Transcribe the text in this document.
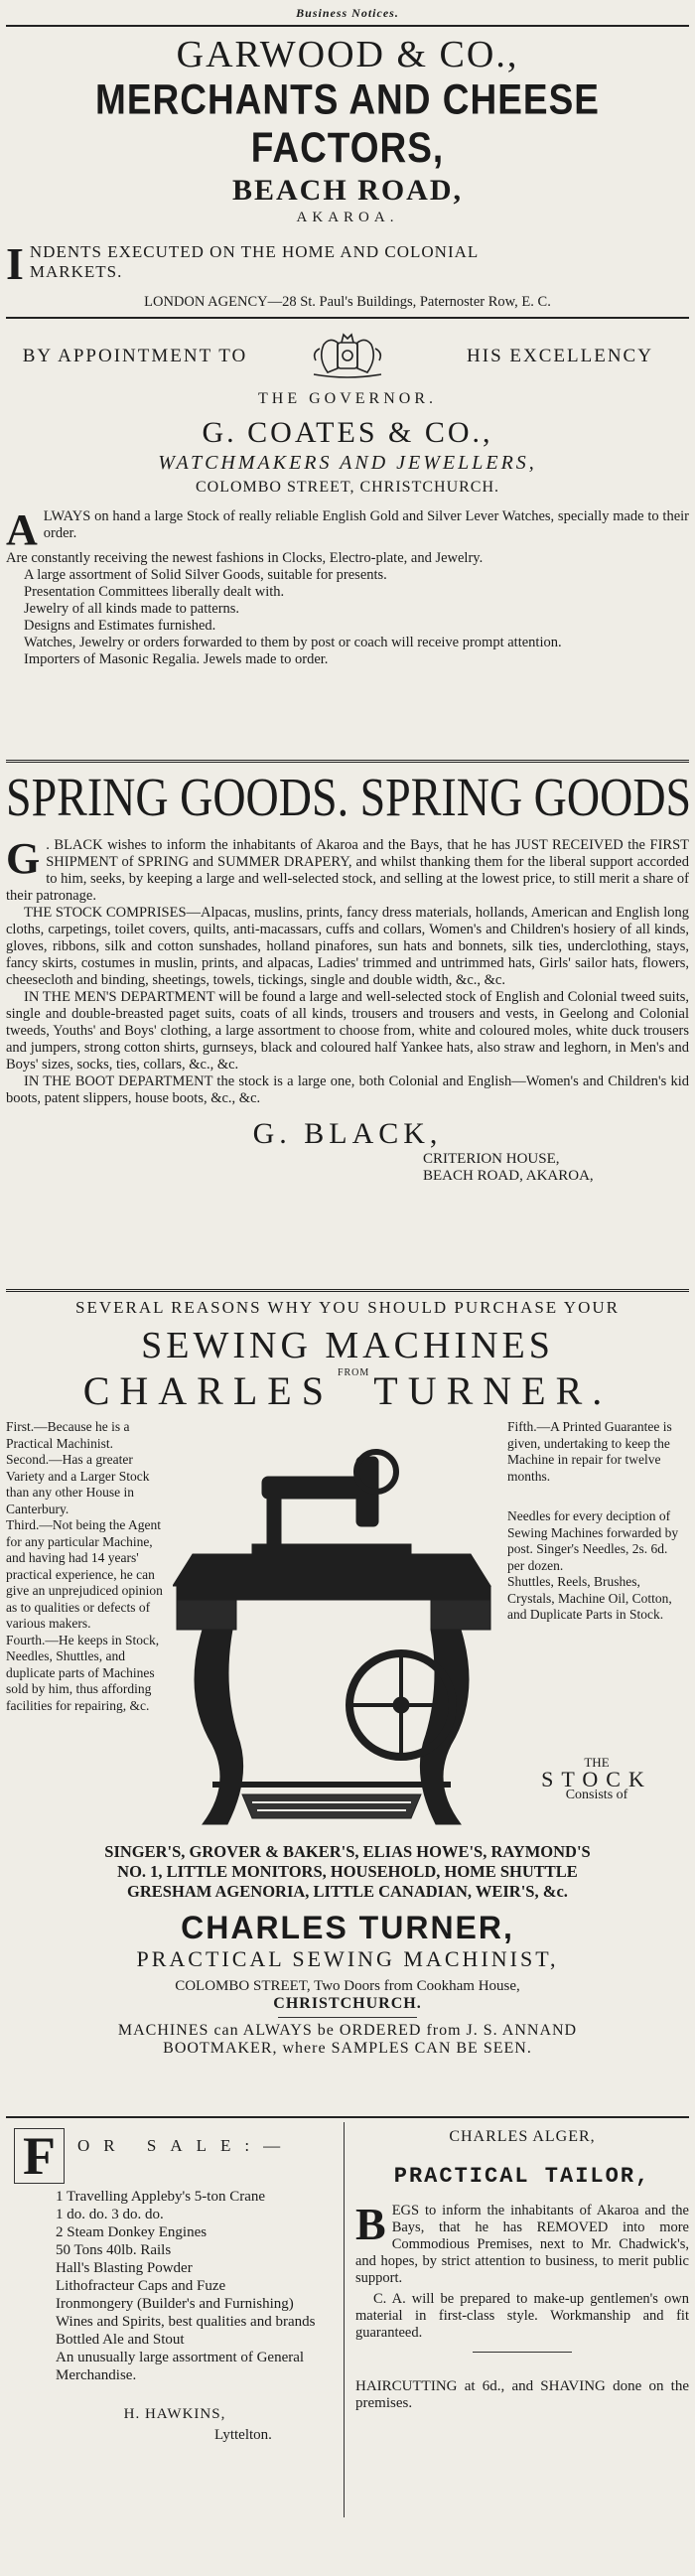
Business Notices.
GARWOOD & CO.,
MERCHANTS AND CHEESE FACTORS,
BEACH ROAD,
AKAROA.
I NDENTS EXECUTED ON THE HOME AND COLONIAL
MARKETS.
LONDON AGENCY—28 St. Paul's Buildings, Paternoster Row, E. C.
BY APPOINTMENT TO	HIS EXCELLENCY
THE GOVERNOR.
G. COATES & CO.,
WATCHMAKERS AND JEWELLERS,
COLOMBO STREET, CHRISTCHURCH.

ALWAYS on hand a large Stock of really reliable English Gold and Silver Lever Watches, specially made to their order.

Are constantly receiving the newest fashions in Clocks, Electro-plate, and Jewelry.

A large assortment of Solid Silver Goods, suitable for presents.

Presentation Committees liberally dealt with.

Jewelry of all kinds made to patterns.

Designs and Estimates furnished.

Watches, Jewelry or orders forwarded to them by post or coach will receive prompt attention.

Importers of Masonic Regalia. Jewels made to order.

SPRING GOODS. SPRING GOODS

G . BLACK wishes to inform the inhabitants of Akaroa and the Bays, that he has JUST RECEIVED the FIRST SHIPMENT of SPRING and SUMMER DRAPERY, and whilst thanking them for the liberal support accorded to him, seeks, by keeping a large and well-selected stock, and selling at the lowest price, to still merit a share of their patronage.

THE STOCK COMPRISES—Alpacas, muslins, prints, fancy dress materials, hollands, American and English long cloths, carpetings, toilet covers, quilts, anti-macassars, cuffs and collars, Women's and Children's hosiery of all kinds, gloves, ribbons, silk and cotton sunshades, holland pinafores, sun hats and bonnets, silk ties, underclothing, stays, fancy skirts, costumes in muslin, prints, and alpacas, Ladies' trimmed and untrimmed hats, Girls' sailor hats, flowers, cheesecloth and binding, sheetings, towels, tickings, single and double width, &c., &c.

IN THE MEN'S DEPARTMENT will be found a large and well-selected stock of English and Colonial tweed suits, single and double-breasted paget suits, coats of all kinds, trousers and trousers and vests, in Geelong and Colonial tweeds, Youths' and Boys' clothing, a large assortment to choose from, white and coloured moles, white duck trousers and jumpers, strong cotton shirts, gurnseys, black and coloured half Yankee hats, also straw and leghorn, in Men's and Boys' sizes, socks, ties, collars, &c., &c.

IN THE BOOT DEPARTMENT the stock is a large one, both Colonial and English—Women's and Children's kid boots, patent slippers, house boots, &c., &c.

G. BLACK,
CRITERION HOUSE,
BEACH ROAD, AKAROA,
SEVERAL REASONS WHY YOU SHOULD PURCHASE YOUR
SEWING MACHINES
CHARLES $^{FROM}$ TURNER.

First.—Because he is a Practical Machinist.

Second.—Has a greater Variety and a Larger Stock than any other House in Canterbury.

Third.—Not being the Agent for any particular Machine, and having had 14 years' practical experience, he can give an unprejudiced opinion as to qualities or defects of various makers.

Fourth.—He keeps in Stock, Needles, Shuttles, and duplicate parts of Machines sold by him, thus affording facilities for repairing, &c.

Fifth.—A Printed Guarantee is given, undertaking to keep the Machine in repair for twelve months.

Needles for every deciption of Sewing Machines forwarded by post. Singer's Needles, 2s. 6d. per dozen.

Shuttles, Reels, Brushes, Crystals, Machine Oil, Cotton, and Duplicate Parts in Stock.

THE
STOCK
Consists of
SINGER'S, GROVER & BAKER'S, ELIAS HOWE'S, RAYMOND'S
NO. 1, LITTLE MONITORS, HOUSEHOLD, HOME SHUTTLE
GRESHAM AGENORIA, LITTLE CANADIAN, WEIR'S, &c.
CHARLES TURNER,
PRACTICAL SEWING MACHINIST,
COLOMBO STREET, Two Doors from Cookham House,
CHRISTCHURCH.
MACHINES can ALWAYS be ORDERED from J. S. ANNAND
BOOTMAKER, where SAMPLES CAN BE SEEN.
F	OR SALE:—

1 Travelling Appleby's 5-ton Crane

1 do. do. 3 do. do.

2 Steam Donkey Engines

50 Tons 40lb. Rails

Hall's Blasting Powder

Lithofracteur Caps and Fuze

Ironmongery (Builder's and Furnishing)

Wines and Spirits, best qualities and brands

Bottled Ale and Stout

An unusually large assortment of General Merchandise.

H. HAWKINS,
Lyttelton.
CHARLES ALGER,
PRACTICAL TAILOR,

BEGS to inform the inhabitants of Akaroa and the Bays, that he has REMOVED into more Commodious Premises, next to Mr. Chadwick's, and hopes, by strict attention to business, to merit public support.

C. A. will be prepared to make-up gentlemen's own material in first-class style. Workmanship and fit guaranteed.

HAIRCUTTING at 6d., and SHAVING done on the premises.
